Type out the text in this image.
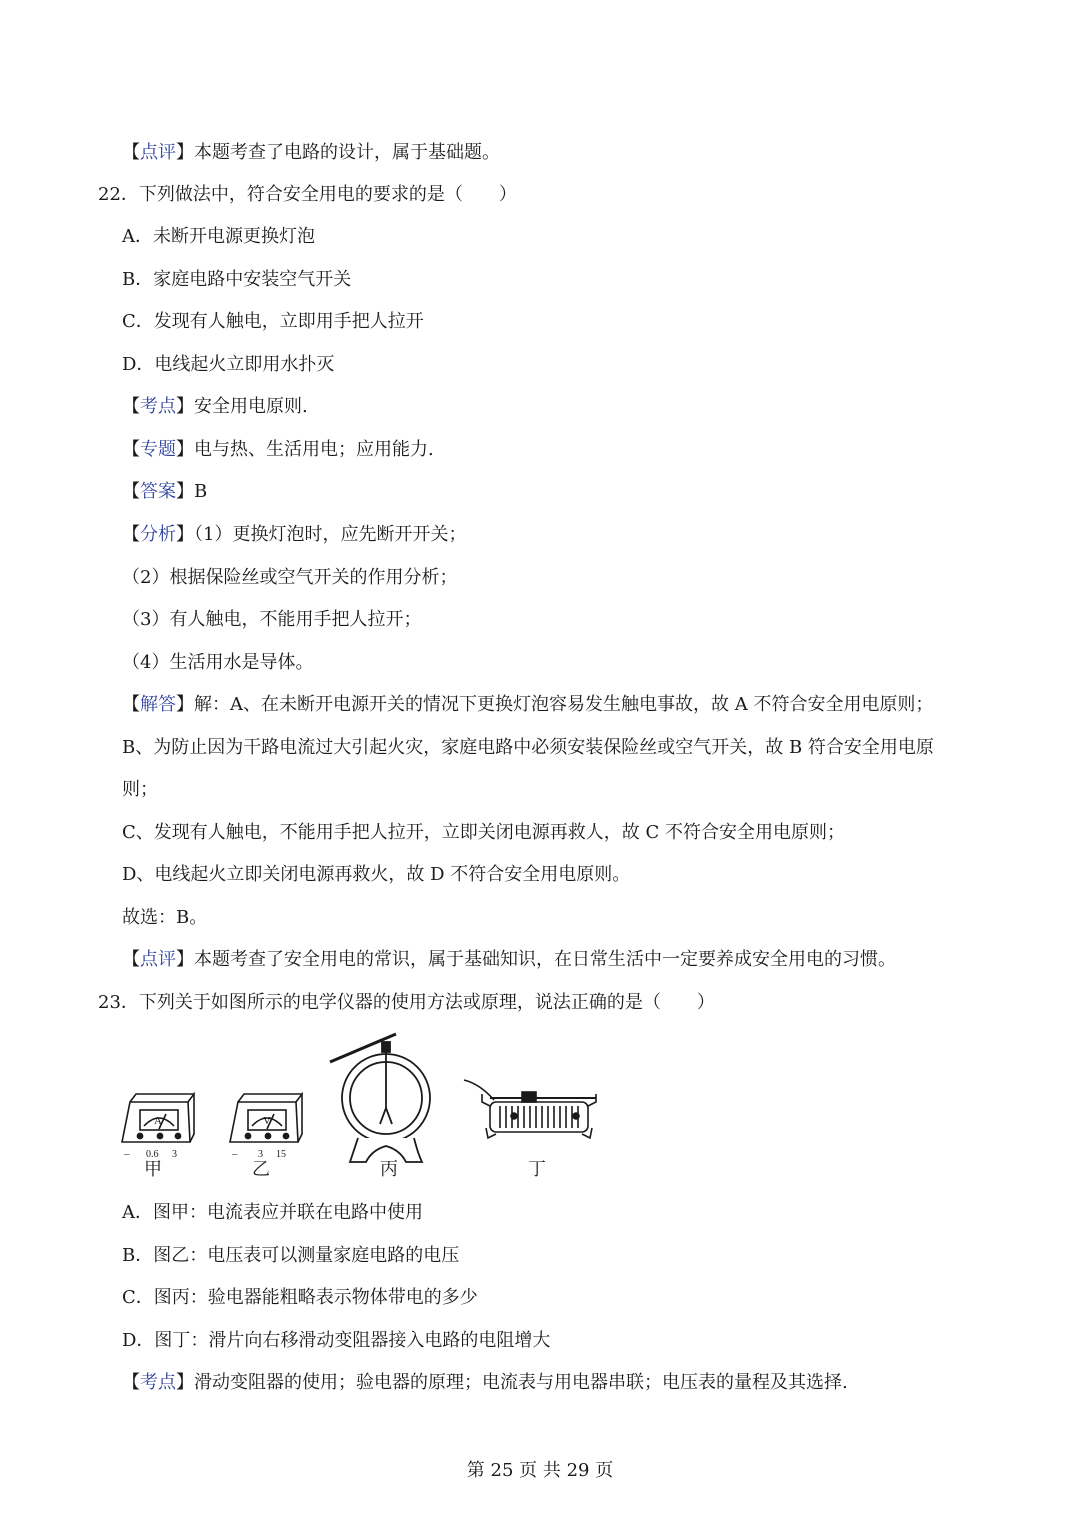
【点评】本题考查了电路的设计，属于基础题。
22．下列做法中，符合安全用电的要求的是（　　）
A．未断开电源更换灯泡
B．家庭电路中安装空气开关
C．发现有人触电，立即用手把人拉开
D．电线起火立即用水扑灭
【考点】安全用电原则.
【专题】电与热、生活用电；应用能力.
【答案】B
【分析】（1）更换灯泡时，应先断开开关；
（2）根据保险丝或空气开关的作用分析；
（3）有人触电，不能用手把人拉开；
（4）生活用水是导体。
【解答】解：A、在未断开电源开关的情况下更换灯泡容易发生触电事故，故 A 不符合安全用电原则；
B、为防止因为干路电流过大引起火灾，家庭电路中必须安装保险丝或空气开关，故 B 符合安全用电原
则；
C、发现有人触电，不能用手把人拉开，立即关闭电源再救人，故 C 不符合安全用电原则；
D、电线起火立即关闭电源再救火，故 D 不符合安全用电原则。
故选：B。
【点评】本题考查了安全用电的常识，属于基础知识，在日常生活中一定要养成安全用电的习惯。
23．下列关于如图所示的电学仪器的使用方法或原理，说法正确的是（　　）
A
– 0.6 3
V
– 3 15
甲	乙	丙	丁
A．图甲：电流表应并联在电路中使用
B．图乙：电压表可以测量家庭电路的电压
C．图丙：验电器能粗略表示物体带电的多少
D．图丁：滑片向右移滑动变阻器接入电路的电阻增大
【考点】滑动变阻器的使用；验电器的原理；电流表与用电器串联；电压表的量程及其选择.
第 25 页 共 29 页
